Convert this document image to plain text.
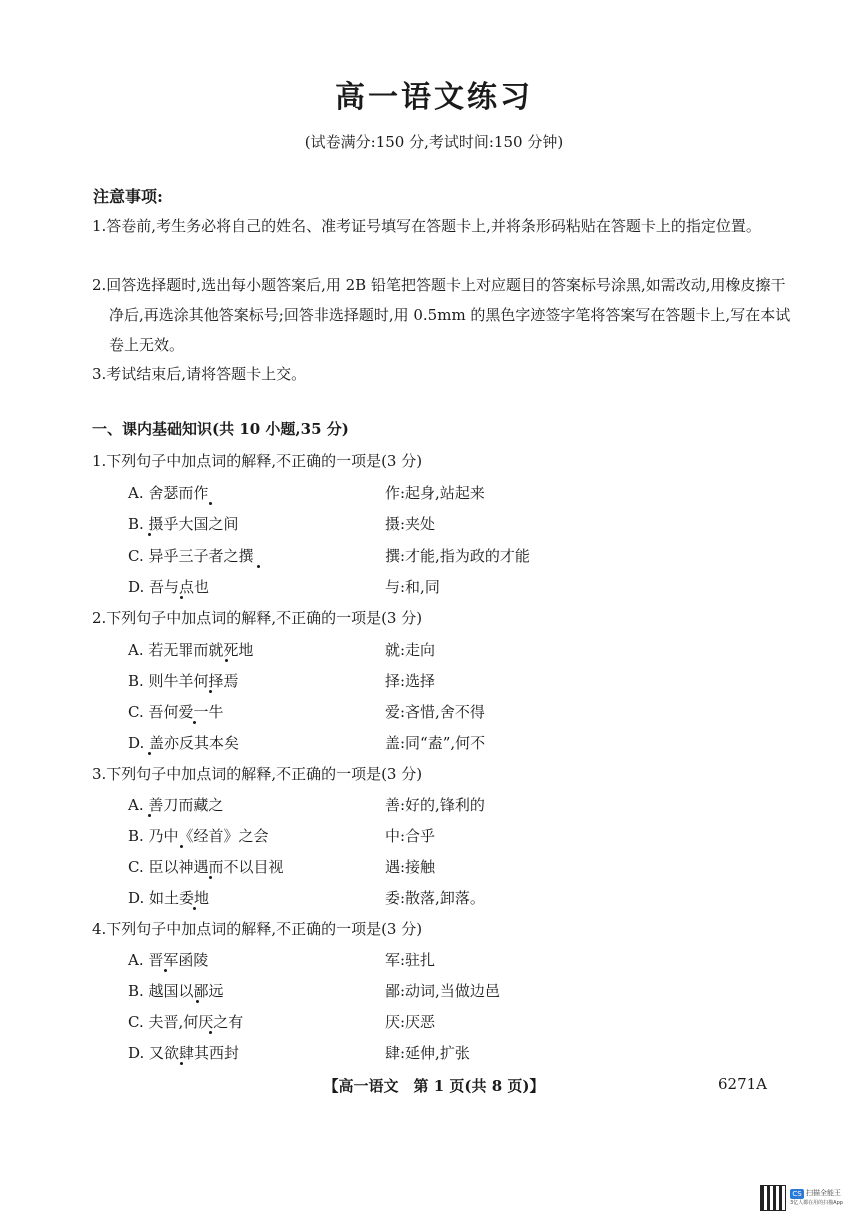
高一语文练习
(试卷满分:150 分,考试时间:150 分钟)
注意事项:
1.答卷前,考生务必将自己的姓名、准考证号填写在答题卡上,并将条形码粘贴在答题卡上的指定位置。
2.回答选择题时,选出每小题答案后,用 2B 铅笔把答题卡上对应题目的答案标号涂黑,如需改动,用橡皮擦干净后,再选涂其他答案标号;回答非选择题时,用 0.5mm 的黑色字迹签字笔将答案写在答题卡上,写在本试卷上无效。
3.考试结束后,请将答题卡上交。
一、课内基础知识(共 10 小题,35 分)
1.下列句子中加点词的解释,不正确的一项是(3 分)
A. 舍瑟而作	作:起身,站起来
B. 摄乎大国之间	摄:夹处
C. 异乎三子者之撰	撰:才能,指为政的才能
D. 吾与点也	与:和,同
2.下列句子中加点词的解释,不正确的一项是(3 分)
A. 若无罪而就死地	就:走向
B. 则牛羊何择焉	择:选择
C. 吾何爱一牛	爱:吝惜,舍不得
D. 盖亦反其本矣	盖:同“盍”,何不
3.下列句子中加点词的解释,不正确的一项是(3 分)
A. 善刀而藏之	善:好的,锋利的
B. 乃中《经首》之会	中:合乎
C. 臣以神遇而不以目视	遇:接触
D. 如土委地	委:散落,卸落。
4.下列句子中加点词的解释,不正确的一项是(3 分)
A. 晋军函陵	军:驻扎
B. 越国以鄙远	鄙:动词,当做边邑
C. 夫晋,何厌之有	厌:厌恶
D. 又欲肆其西封	肆:延伸,扩张
【高一语文　第 1 页(共 8 页)】	6271A
CS 扫描全能王
3亿人都在用的扫描App
